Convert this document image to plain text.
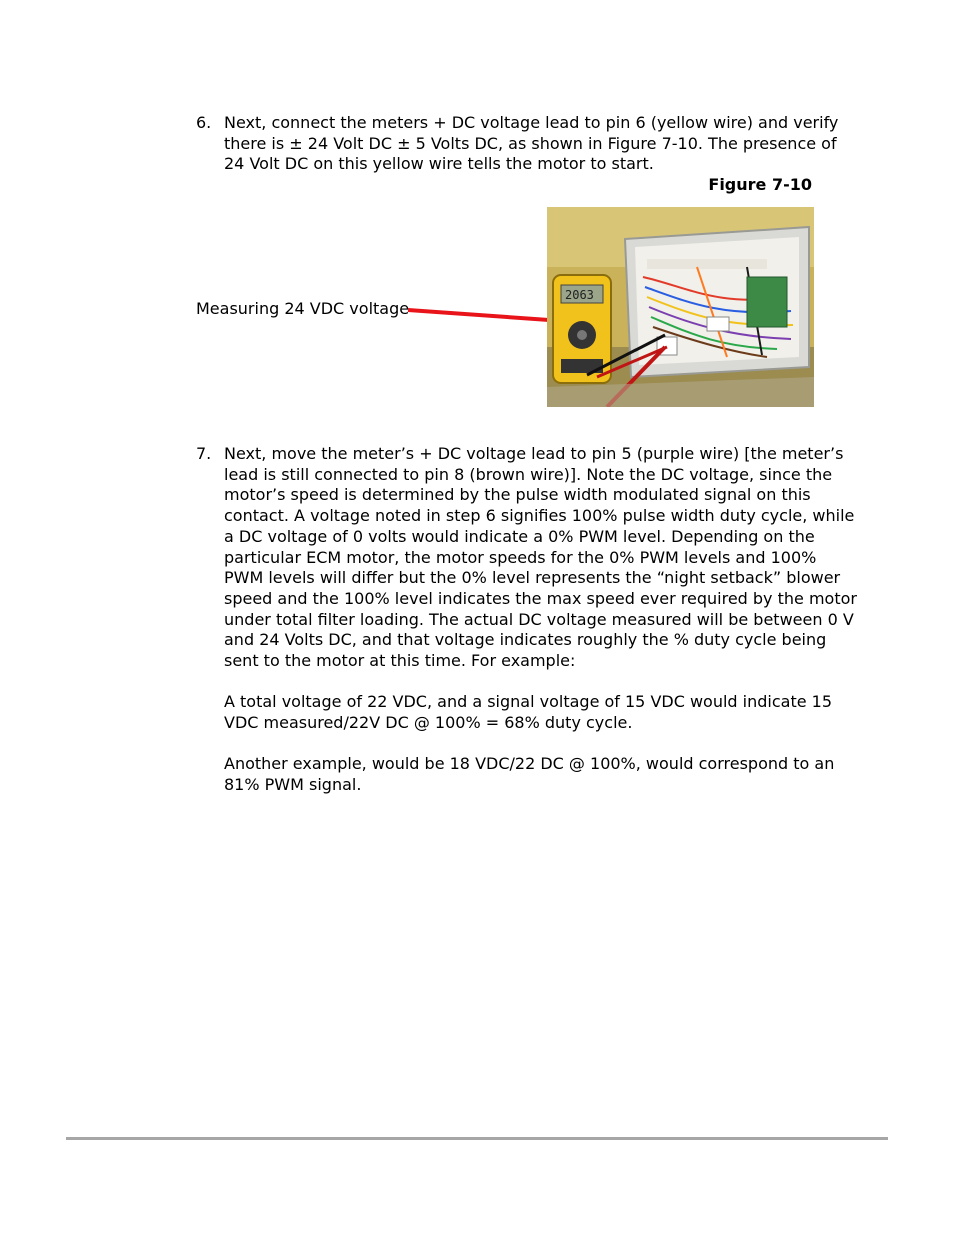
6. Next, connect the meters + DC voltage lead to pin 6 (yellow wire) and verify there is ± 24 Volt DC ± 5 Volts DC, as shown in Figure 7-10. The presence of 24 Volt DC on this yellow wire tells the motor to start.
Figure 7-10
Measuring 24 VDC voltage
2063
7. Next, move the meter’s + DC voltage lead to pin 5 (purple wire) [the meter’s lead is still connected to pin 8 (brown wire)]. Note the DC voltage, since the motor’s speed is determined by the pulse width modulated signal on this contact. A voltage noted in step 6 signifies 100% pulse width duty cycle, while a DC voltage of 0 volts would indicate a 0% PWM level. Depending on the particular ECM motor, the motor speeds for the 0% PWM levels and 100% PWM levels will differ but the 0% level represents the “night setback” blower speed and the 100% level indicates the max speed ever required by the motor under total filter loading. The actual DC voltage measured will be between 0 V and 24 Volts DC, and that voltage indicates roughly the % duty cycle being sent to the motor at this time. For example:
A total voltage of 22 VDC, and a signal voltage of 15 VDC would indicate 15 VDC measured/22V DC @ 100% = 68% duty cycle.
Another example, would be 18 VDC/22 DC @ 100%, would correspond to an 81% PWM signal.
